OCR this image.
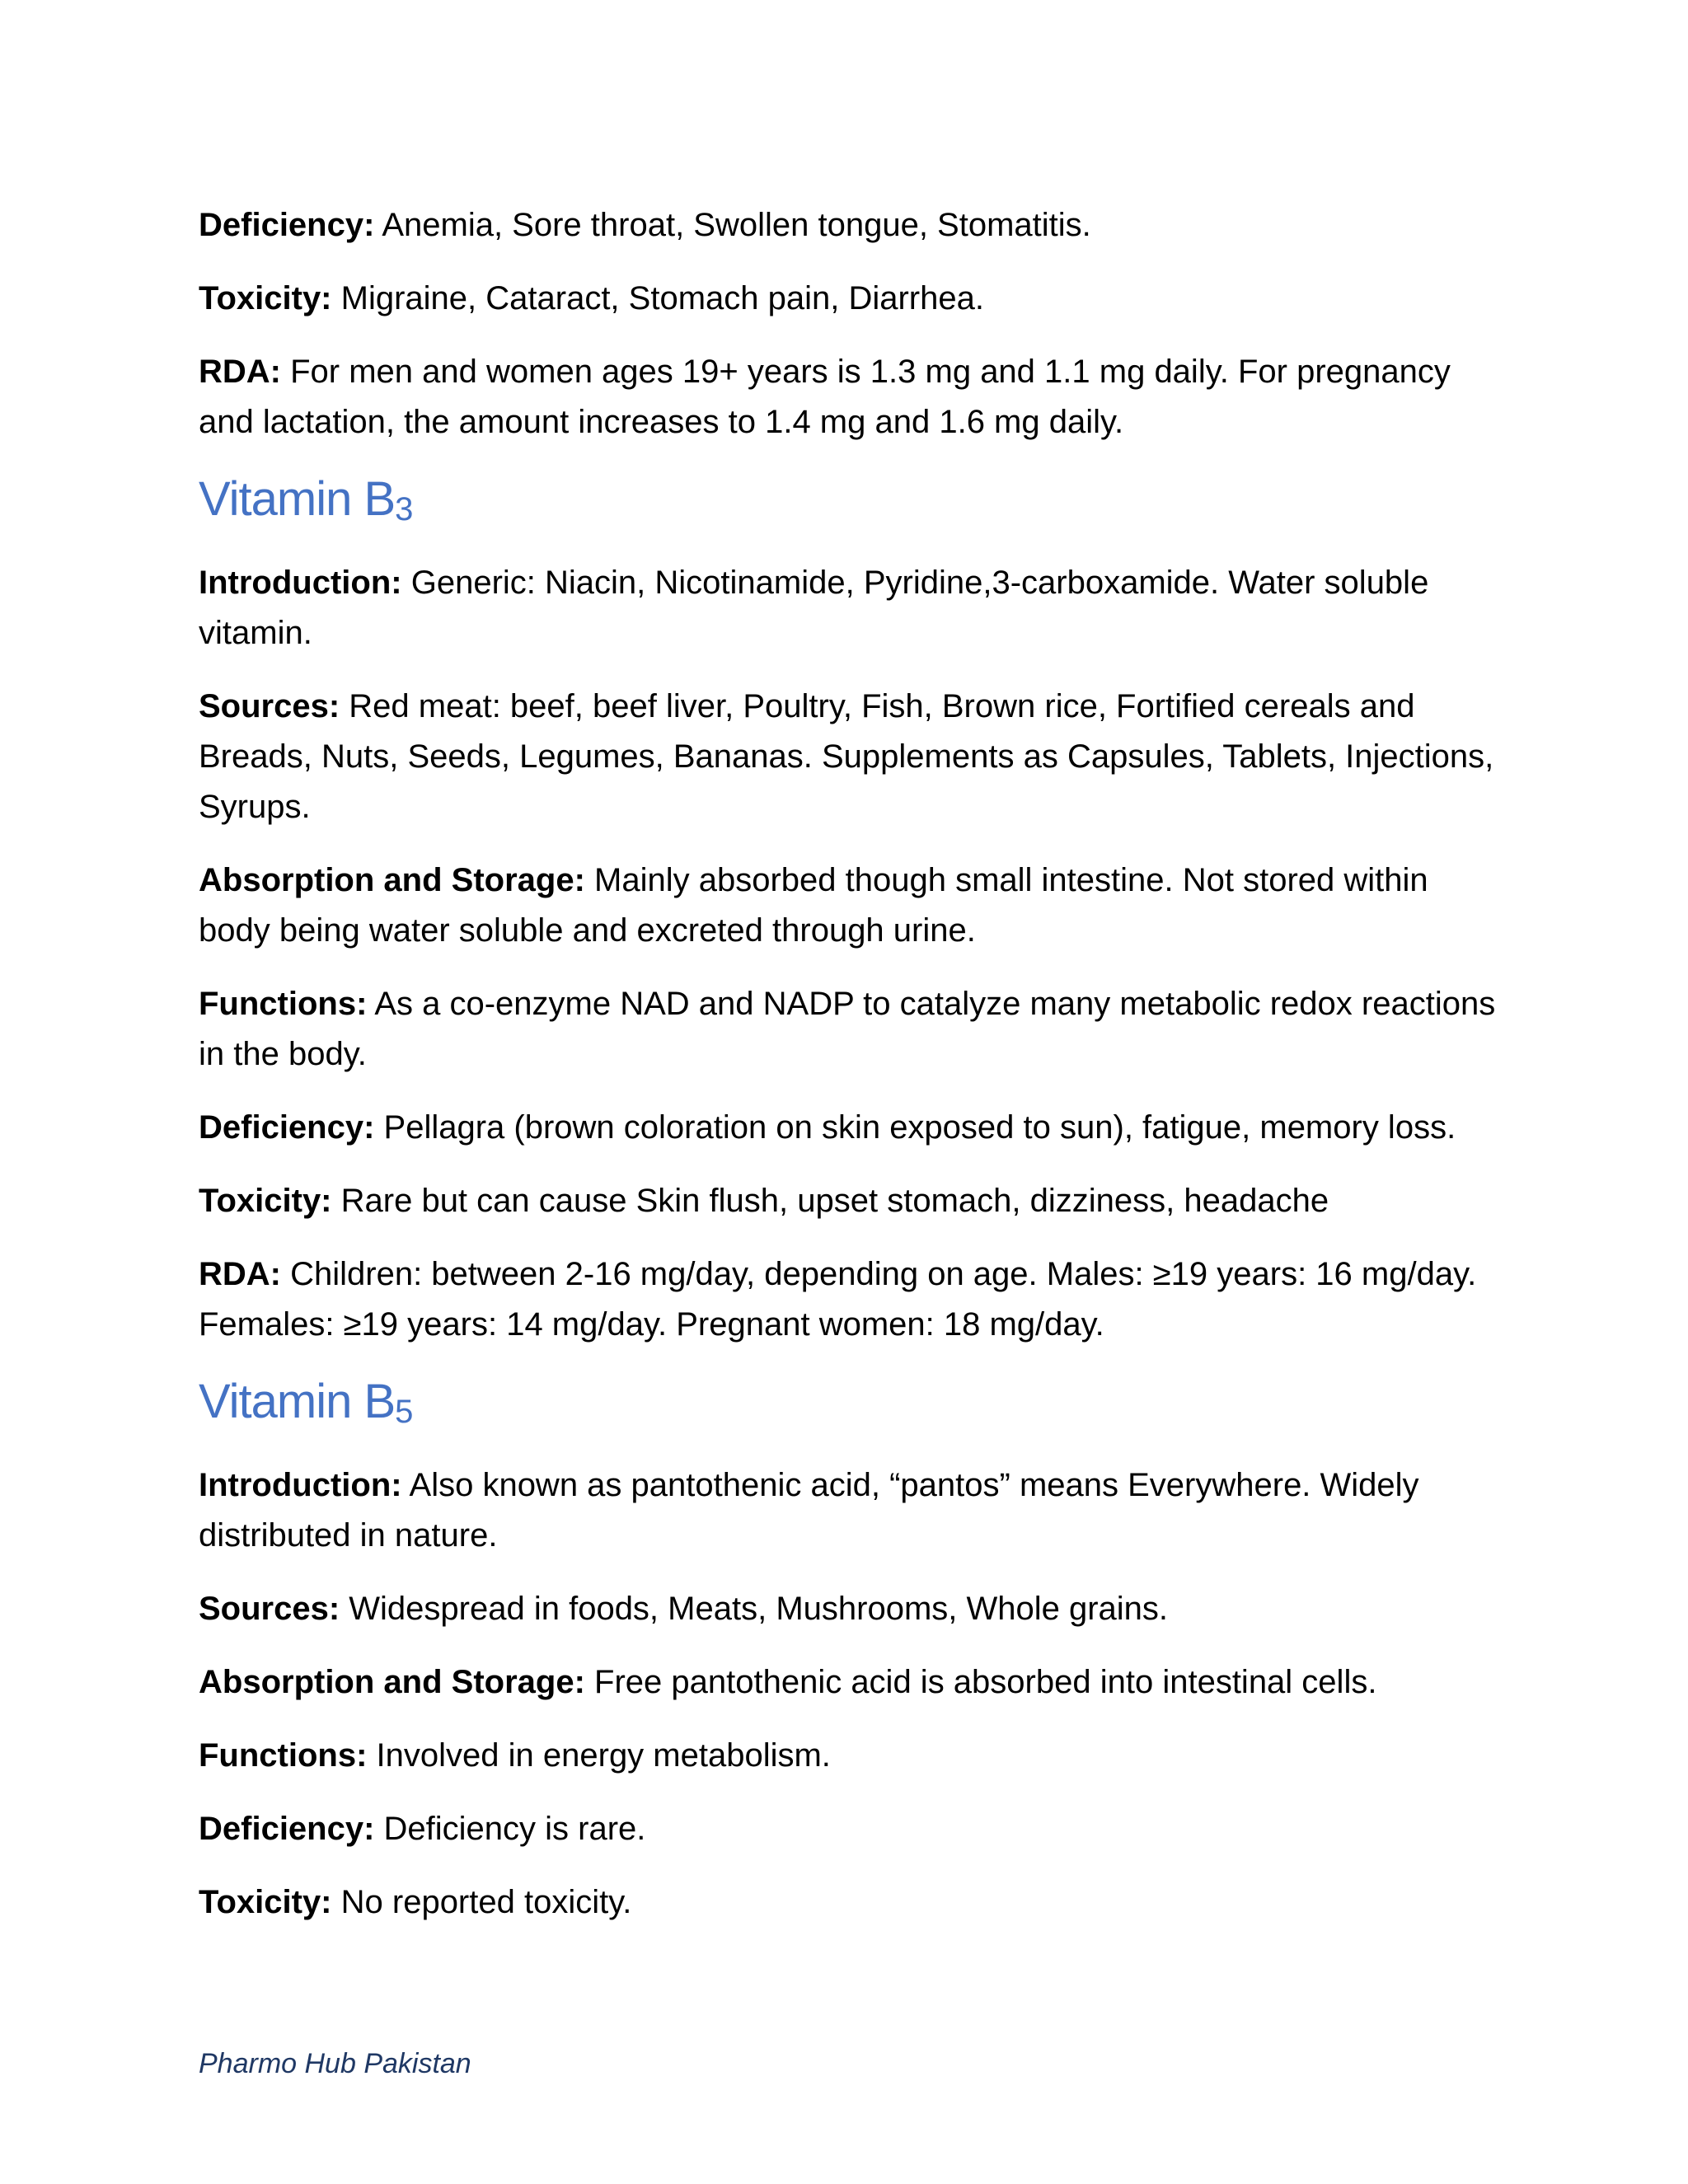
Deficiency: Anemia, Sore throat, Swollen tongue, Stomatitis.

Toxicity: Migraine, Cataract, Stomach pain, Diarrhea.

RDA: For men and women ages 19+ years is 1.3 mg and 1.1 mg daily. For pregnancy and lactation, the amount increases to 1.4 mg and 1.6 mg daily.

Vitamin $B_3$

Introduction: Generic: Niacin, Nicotinamide, Pyridine,3-carboxamide. Water soluble vitamin.

Sources: Red meat: beef, beef liver, Poultry, Fish, Brown rice, Fortified cereals and Breads, Nuts, Seeds, Legumes, Bananas. Supplements as Capsules, Tablets, Injections, Syrups.

Absorption and Storage: Mainly absorbed though small intestine. Not stored within body being water soluble and excreted through urine.

Functions: As a co-enzyme NAD and NADP to catalyze many metabolic redox reactions in the body.

Deficiency: Pellagra (brown coloration on skin exposed to sun), fatigue, memory loss.

Toxicity: Rare but can cause Skin flush, upset stomach, dizziness, headache

RDA: Children: between 2-16 mg/day, depending on age. Males: ≥19 years: 16 mg/day. Females: ≥19 years: 14 mg/day. Pregnant women: 18 mg/day.

Vitamin $B_5$

Introduction: Also known as pantothenic acid, “pantos” means Everywhere. Widely distributed in nature.

Sources: Widespread in foods, Meats, Mushrooms, Whole grains.

Absorption and Storage: Free pantothenic acid is absorbed into intestinal cells.

Functions: Involved in energy metabolism.

Deficiency: Deficiency is rare.

Toxicity: No reported toxicity.

Pharmo Hub Pakistan
